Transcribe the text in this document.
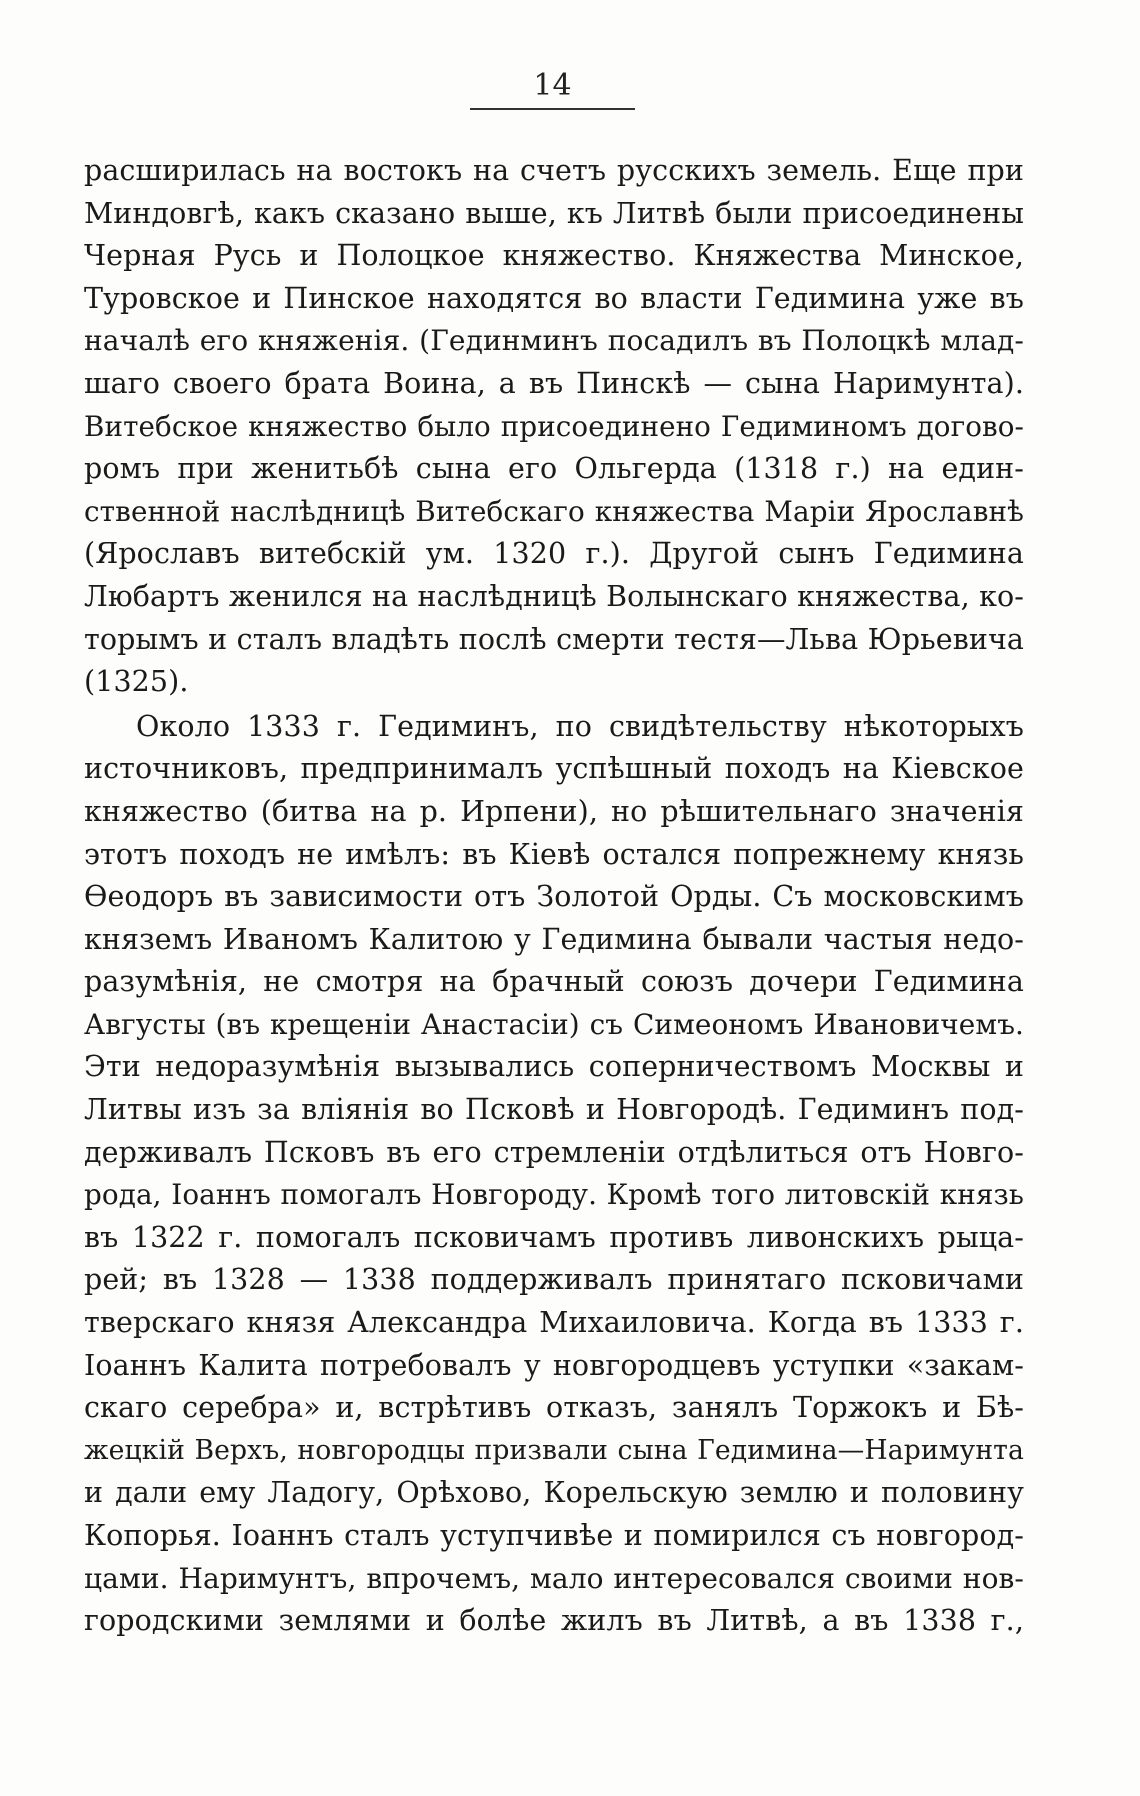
14
расширилась на востокъ на счетъ русскихъ земель. Еще при
Миндовгѣ, какъ сказано выше, къ Литвѣ были присоединены
Черная Русь и Полоцкое княжество. Княжества Минское,
Туровское и Пинское находятся во власти Гедимина уже въ
началѣ его княженія. (Гединминъ посадилъ въ Полоцкѣ млад-
шаго своего брата Воина, а въ Пинскѣ — сына Наримунта).
Витебское княжество было присоединено Гедиминомъ догово-
ромъ при женитьбѣ сына его Ольгерда (1318 г.) на един-
ственной наслѣдницѣ Витебскаго княжества Маріи Ярославнѣ
(Ярославъ витебскій ум. 1320 г.). Другой сынъ Гедимина
Любартъ женился на наслѣдницѣ Волынскаго княжества, ко-
торымъ и сталъ владѣть послѣ смерти тестя—Льва Юрьевича
(1325).
Около 1333 г. Гедиминъ, по свидѣтельству нѣкоторыхъ
источниковъ, предпринималъ успѣшный походъ на Кіевское
княжество (битва на р. Ирпени), но рѣшительнаго значенія
этотъ походъ не имѣлъ: въ Кіевѣ остался попрежнему князь
Ѳеодоръ въ зависимости отъ Золотой Орды. Съ московскимъ
княземъ Иваномъ Калитою у Гедимина бывали частыя недо-
разумѣнія, не смотря на брачный союзъ дочери Гедимина
Августы (въ крещеніи Анастасіи) съ Симеономъ Ивановичемъ.
Эти недоразумѣнія вызывались соперничествомъ Москвы и
Литвы изъ за вліянія во Псковѣ и Новгородѣ. Гедиминъ под-
держивалъ Псковъ въ его стремленіи отдѣлиться отъ Новго-
рода, Іоаннъ помогалъ Новгороду. Кромѣ того литовскій князь
въ 1322 г. помогалъ псковичамъ противъ ливонскихъ рыца-
рей; въ 1328 — 1338 поддерживалъ принятаго псковичами
тверскаго князя Александра Михаиловича. Когда въ 1333 г.
Іоаннъ Калита потребовалъ у новгородцевъ уступки «закам-
скаго серебра» и, встрѣтивъ отказъ, занялъ Торжокъ и Бѣ-
жецкій Верхъ, новгородцы призвали сына Гедимина—Наримунта
и дали ему Ладогу, Орѣхово, Корельскую землю и половину
Копорья. Іоаннъ сталъ уступчивѣе и помирился съ новгород-
цами. Наримунтъ, впрочемъ, мало интересовался своими нов-
городскими землями и болѣе жилъ въ Литвѣ, а въ 1338 г.,
